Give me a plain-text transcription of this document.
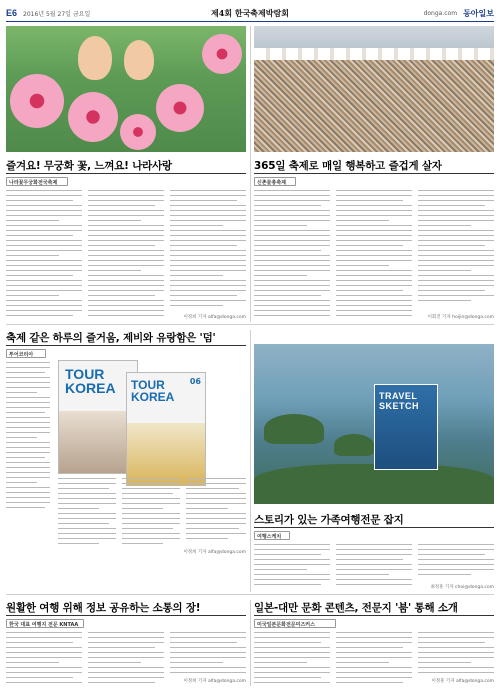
E6 2016년 5월 27일 금요일	제4회 한국축제박람회	donga.com 동아일보
즐겨요! 무궁화 꽃, 느껴요! 나라사랑	365일 축제로 매일 행복하고 즐겁게 살자
나라꽃무궁화전국축제	신촌물총축제
이정희 기자 alfa@donga.com	이회진 기자 hoijin@donga.com
축제 같은 하루의 즐거움, 제비와 유랑함은 '덤'
투어코리아
TOUR
KOREA TOUR
KOREA
06
이정희 기자 alfa@donga.com
TRAVEL SKETCH
스토리가 있는 가족여행전문 잡지
여행스케치
최정훈 기자 choi@donga.com
원활한 여행 위해 정보 공유하는 소통의 장!	일본-대만 문화 콘텐츠, 전문지 '붐' 통해 소개
한국 대표 여행지 전문 KNTAA	미국일본문화전문미즈커스
이정희 기자 alfa@donga.com	이정훈 기자 alfa@donga.com
